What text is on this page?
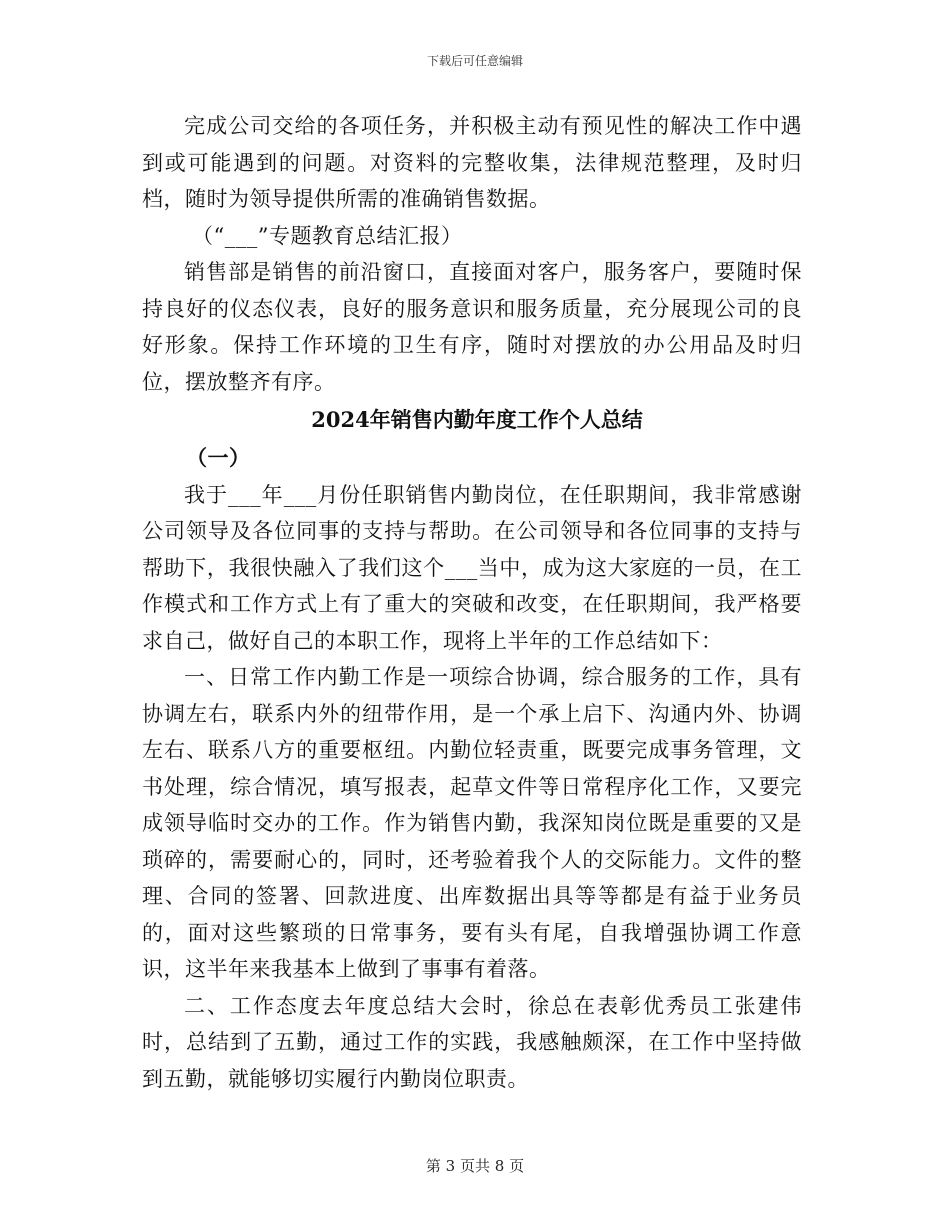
下载后可任意编辑

完成公司交给的各项任务，并积极主动有预见性的解决工作中遇到或可能遇到的问题。对资料的完整收集，法律规范整理，及时归档，随时为领导提供所需的准确销售数据。

（“___”专题教育总结汇报）

销售部是销售的前沿窗口，直接面对客户，服务客户，要随时保持良好的仪态仪表，良好的服务意识和服务质量，充分展现公司的良好形象。保持工作环境的卫生有序，随时对摆放的办公用品及时归位，摆放整齐有序。

2024年销售内勤年度工作个人总结

（一）

我于___年___月份任职销售内勤岗位，在任职期间，我非常感谢公司领导及各位同事的支持与帮助。在公司领导和各位同事的支持与帮助下，我很快融入了我们这个___当中，成为这大家庭的一员，在工作模式和工作方式上有了重大的突破和改变，在任职期间，我严格要求自己，做好自己的本职工作，现将上半年的工作总结如下：

一、日常工作内勤工作是一项综合协调，综合服务的工作，具有协调左右，联系内外的纽带作用，是一个承上启下、沟通内外、协调左右、联系八方的重要枢纽。内勤位轻责重，既要完成事务管理，文书处理，综合情况，填写报表，起草文件等日常程序化工作，又要完成领导临时交办的工作。作为销售内勤，我深知岗位既是重要的又是琐碎的，需要耐心的，同时，还考验着我个人的交际能力。文件的整理、合同的签署、回款进度、出库数据出具等等都是有益于业务员的，面对这些繁琐的日常事务，要有头有尾，自我增强协调工作意识，这半年来我基本上做到了事事有着落。

二、工作态度去年度总结大会时，徐总在表彰优秀员工张建伟时，总结到了五勤，通过工作的实践，我感触颇深，在工作中坚持做到五勤，就能够切实履行内勤岗位职责。

第 3 页共 8 页
